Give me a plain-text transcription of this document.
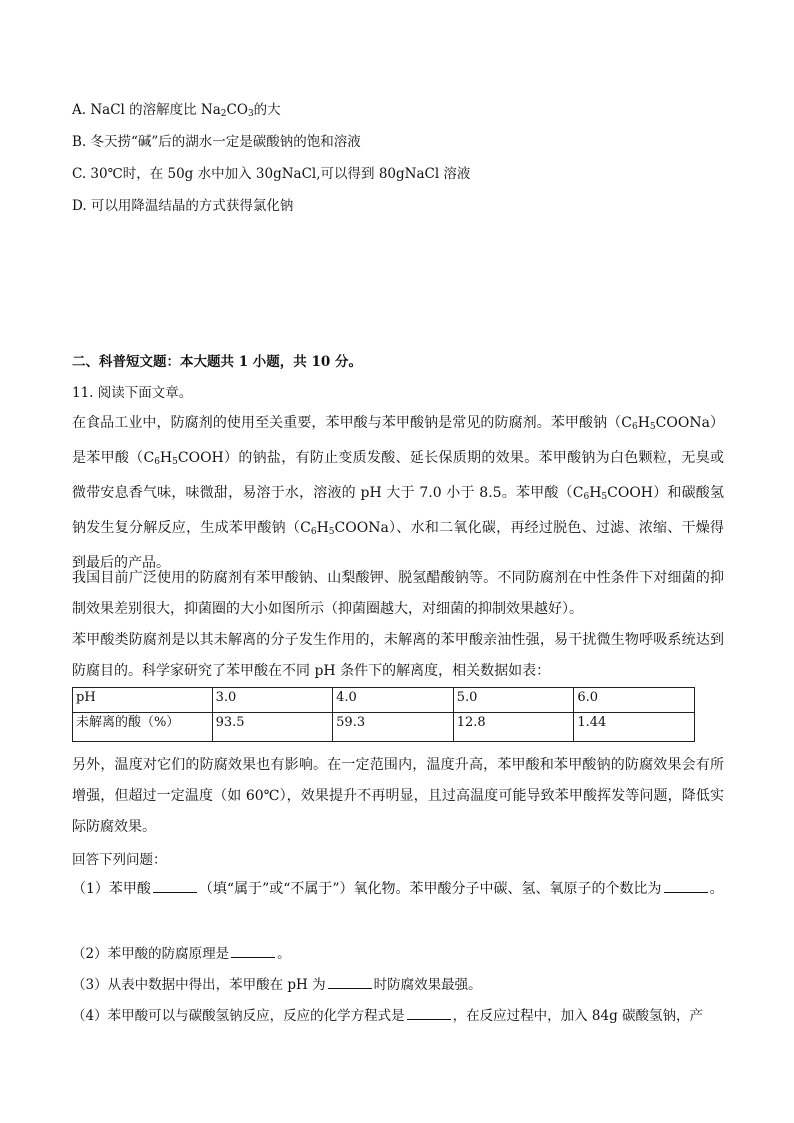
A. NaCl 的溶解度比 $Na_2CO_3$的大
B. 冬天捞“碱”后的湖水一定是碳酸钠的饱和溶液
C. 30℃时，在 50g 水中加入 30gNaCl,可以得到 80gNaCl 溶液
D. 可以用降温结晶的方式获得氯化钠
二、科普短文题：本大题共 1 小题，共 10 分。
11. 阅读下面文章。
在食品工业中，防腐剂的使用至关重要，苯甲酸与苯甲酸钠是常见的防腐剂。苯甲酸钠$(C_6H_5COONa)$是苯甲酸$(C_6H_5COOH)$的钠盐，有防止变质发酸、延长保质期的效果。苯甲酸钠为白色颗粒，无臭或微带安息香气味，味微甜，易溶于水，溶液的 pH 大于 7.0 小于 8.5。苯甲酸$(C_6H_5COOH)$和碳酸氢钠发生复分解反应，生成苯甲酸钠$(C_6H_5COONa)$、水和二氧化碳，再经过脱色、过滤、浓缩、干燥得到最后的产品。
我国目前广泛使用的防腐剂有苯甲酸钠、山梨酸钾、脱氢醋酸钠等。不同防腐剂在中性条件下对细菌的抑制效果差别很大，抑菌圈的大小如图所示（抑菌圈越大，对细菌的抑制效果越好）。
苯甲酸类防腐剂是以其未解离的分子发生作用的，未解离的苯甲酸亲油性强，易干扰微生物呼吸系统达到防腐目的。科学家研究了苯甲酸在不同 pH 条件下的解离度，相关数据如表：
pH	3.0	4.0	5.0	6.0
未解离的酸（%）	93.5	59.3	12.8	1.44
另外，温度对它们的防腐效果也有影响。在一定范围内，温度升高，苯甲酸和苯甲酸钠的防腐效果会有所增强，但超过一定温度（如 60℃），效果提升不再明显，且过高温度可能导致苯甲酸挥发等问题，降低实际防腐效果。
回答下列问题：
（1）苯甲酸	（填“属于”或“不属于”）氧化物。苯甲酸分子中碳、氢、氧原子的个数比为	。
（2）苯甲酸的防腐原理是	。
（3）从表中数据中得出，苯甲酸在 pH 为	时防腐效果最强。
（4）苯甲酸可以与碳酸氢钠反应，反应的化学方程式是	，在反应过程中，加入 84g 碳酸氢钠，产
